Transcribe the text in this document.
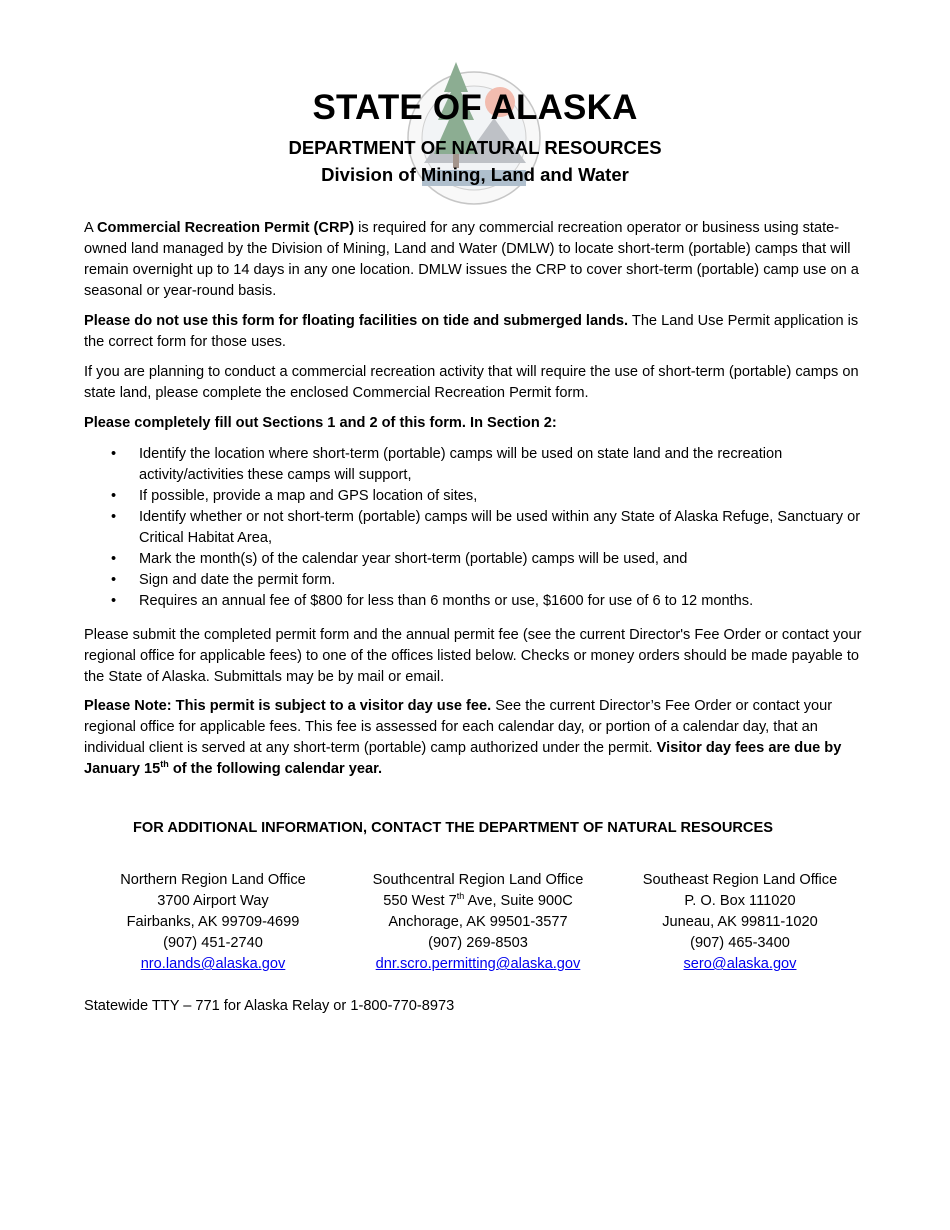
STATE OF ALASKA
DEPARTMENT OF NATURAL RESOURCES
Division of Mining, Land and Water

A Commercial Recreation Permit (CRP) is required for any commercial recreation operator or business using state-owned land managed by the Division of Mining, Land and Water (DMLW) to locate short-term (portable) camps that will remain overnight up to 14 days in any one location. DMLW issues the CRP to cover short-term (portable) camp use on a seasonal or year-round basis.

Please do not use this form for floating facilities on tide and submerged lands. The Land Use Permit application is the correct form for those uses.

If you are planning to conduct a commercial recreation activity that will require the use of short-term (portable) camps on state land, please complete the enclosed Commercial Recreation Permit form.

Please completely fill out Sections 1 and 2 of this form. In Section 2:

• Identify the location where short-term (portable) camps will be used on state land and the recreation activity/activities these camps will support,
• If possible, provide a map and GPS location of sites,
• Identify whether or not short-term (portable) camps will be used within any State of Alaska Refuge, Sanctuary or Critical Habitat Area,
• Mark the month(s) of the calendar year short-term (portable) camps will be used, and
• Sign and date the permit form.
• Requires an annual fee of $800 for less than 6 months or use, $1600 for use of 6 to 12 months.

Please submit the completed permit form and the annual permit fee (see the current Director's Fee Order or contact your regional office for applicable fees) to one of the offices listed below. Checks or money orders should be made payable to the State of Alaska. Submittals may be by mail or email.

Please Note: This permit is subject to a visitor day use fee. See the current Director’s Fee Order or contact your regional office for applicable fees. This fee is assessed for each calendar day, or portion of a calendar day, that an individual client is served at any short-term (portable) camp authorized under the permit. Visitor day fees are due by January 15th of the following calendar year.

FOR ADDITIONAL INFORMATION, CONTACT THE DEPARTMENT OF NATURAL RESOURCES
Northern Region Land Office
3700 Airport Way
Fairbanks, AK 99709-4699
(907) 451-2740
nro.lands@alaska.gov
Southcentral Region Land Office
550 West 7th Ave, Suite 900C
Anchorage, AK 99501-3577
(907) 269-8503
dnr.scro.permitting@alaska.gov
Southeast Region Land Office
P. O. Box 111020
Juneau, AK 99811-1020
(907) 465-3400
sero@alaska.gov
Statewide TTY – 771 for Alaska Relay or 1-800-770-8973
